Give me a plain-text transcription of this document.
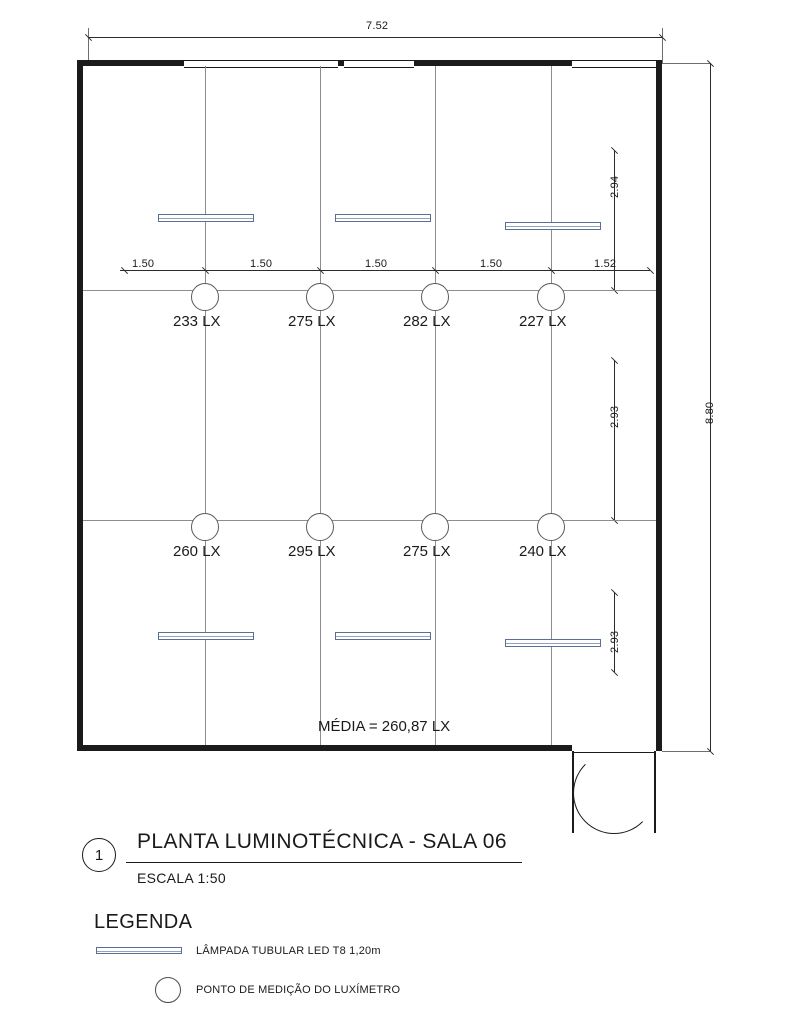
7.52
8.80
2.94
2.93
2.93
1.50	1.50	1.50	1.50	1.52
233 LX	275 LX	282 LX	227 LX
260 LX	295 LX	275 LX	240 LX
MÉDIA = 260,87 LX
1
PLANTA LUMINOTÉCNICA - SALA 06
ESCALA 1:50
LEGENDA
LÂMPADA TUBULAR LED T8 1,20m
PONTO DE MEDIÇÃO DO LUXÍMETRO
